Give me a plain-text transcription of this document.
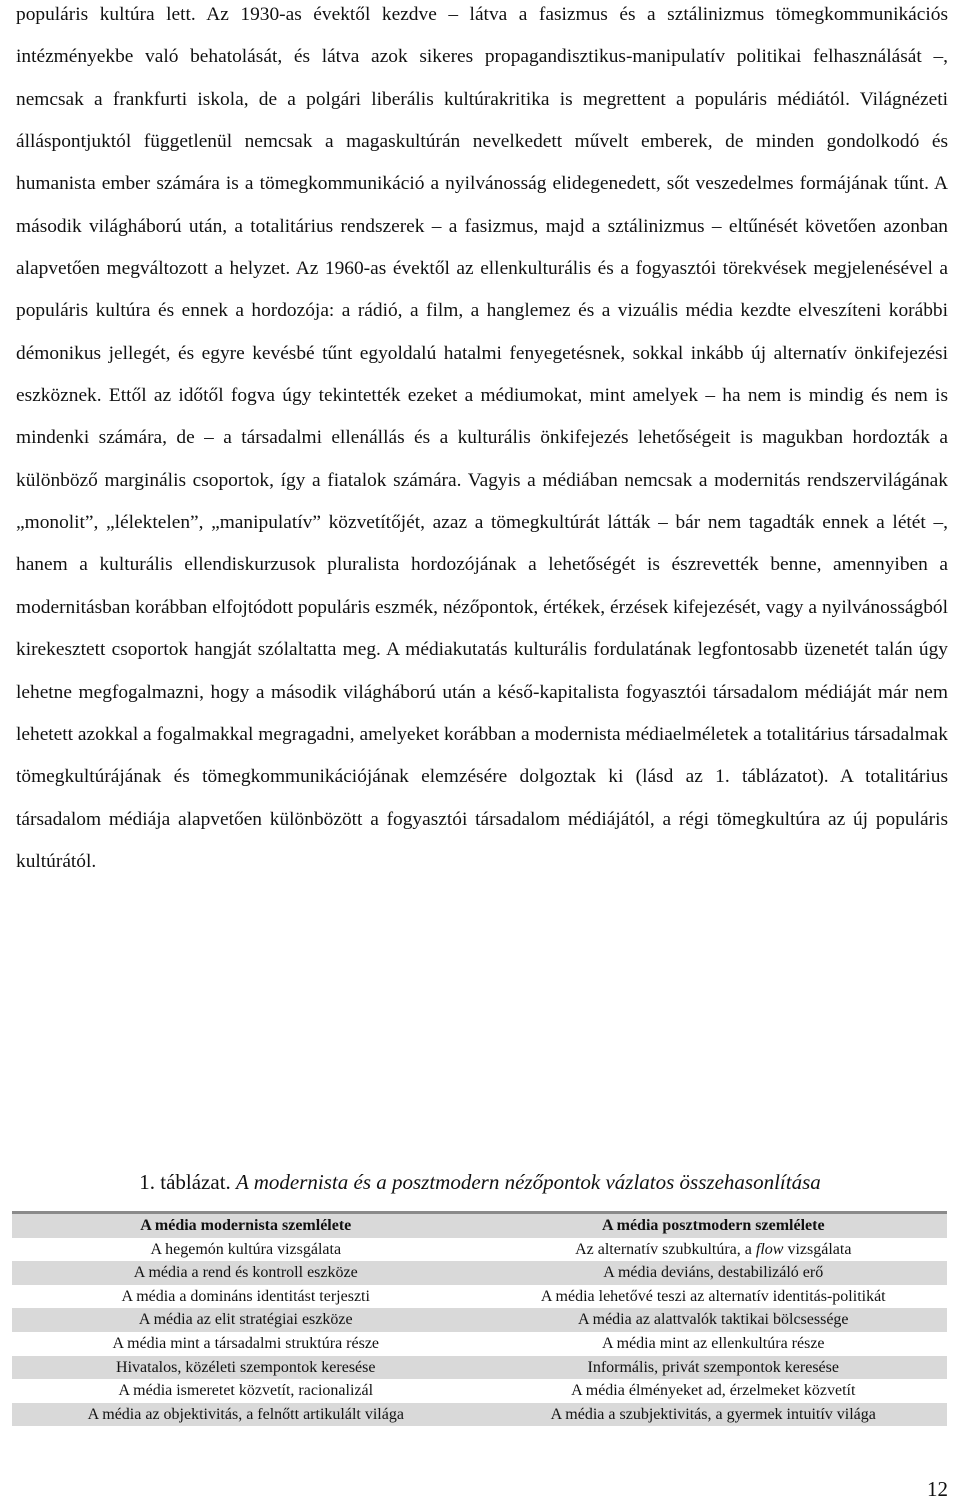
populáris kultúra lett. Az 1930-as évektől kezdve – látva a fasizmus és a sztálinizmus tömegkommunikációs intézményekbe való behatolását, és látva azok sikeres propagandisztikus-manipulatív politikai felhasználását –, nemcsak a frankfurti iskola, de a polgári liberális kultúrakritika is megrettent a populáris médiától. Világnézeti álláspontjuktól függetlenül nemcsak a magaskultúrán nevelkedett művelt emberek, de minden gondolkodó és humanista ember számára is a tömegkommunikáció a nyilvánosság elidegenedett, sőt veszedelmes formájának tűnt. A második világháború után, a totalitárius rendszerek – a fasizmus, majd a sztálinizmus – eltűnését követően azonban alapvetően megváltozott a helyzet. Az 1960-as évektől az ellenkulturális és a fogyasztói törekvések megjelenésével a populáris kultúra és ennek a hordozója: a rádió, a film, a hanglemez és a vizuális média kezdte elveszíteni korábbi démonikus jellegét, és egyre kevésbé tűnt egyoldalú hatalmi fenyegetésnek, sokkal inkább új alternatív önkifejezési eszköznek. Ettől az időtől fogva úgy tekintették ezeket a médiumokat, mint amelyek – ha nem is mindig és nem is mindenki számára, de – a társadalmi ellenállás és a kulturális önkifejezés lehetőségeit is magukban hordozták a különböző marginális csoportok, így a fiatalok számára. Vagyis a médiában nemcsak a modernitás rendszervilágának „monolit”, „lélektelen”, „manipulatív” közvetítőjét, azaz a tömegkultúrát látták – bár nem tagadták ennek a létét –, hanem a kulturális ellendiskurzusok pluralista hordozójának a lehetőségét is észrevették benne, amennyiben a modernitásban korábban elfojtódott populáris eszmék, nézőpontok, értékek, érzések kifejezését, vagy a nyilvánosságból kirekesztett csoportok hangját szólaltatta meg. A médiakutatás kulturális fordulatának legfontosabb üzenetét talán úgy lehetne megfogalmazni, hogy a második világháború után a késő-kapitalista fogyasztói társadalom médiáját már nem lehetett azokkal a fogalmakkal megragadni, amelyeket korábban a modernista médiaelméletek a totalitárius társadalmak tömegkultúrájának és tömegkommunikációjának elemzésére dolgoztak ki (lásd az 1. táblázatot). A totalitárius társadalom médiája alapvetően különbözött a fogyasztói társadalom médiájától, a régi tömegkultúra az új populáris kultúrától.

1. táblázat. A modernista és a posztmodern nézőpontok vázlatos összehasonlítása

A média modernista szemlélete	A média posztmodern szemlélete
A hegemón kultúra vizsgálata	Az alternatív szubkultúra, a flow vizsgálata
A média a rend és kontroll eszköze	A média deviáns, destabilizáló erő
A média a domináns identitást terjeszti	A média lehetővé teszi az alternatív identitás-politikát
A média az elit stratégiai eszköze	A média az alattvalók taktikai bölcsessége
A média mint a társadalmi struktúra része	A média mint az ellenkultúra része
Hivatalos, közéleti szempontok keresése	Informális, privát szempontok keresése
A média ismeretet közvetít, racionalizál	A média élményeket ad, érzelmeket közvetít
A média az objektivitás, a felnőtt artikulált világa	A média a szubjektivitás, a gyermek intuitív világa
12
